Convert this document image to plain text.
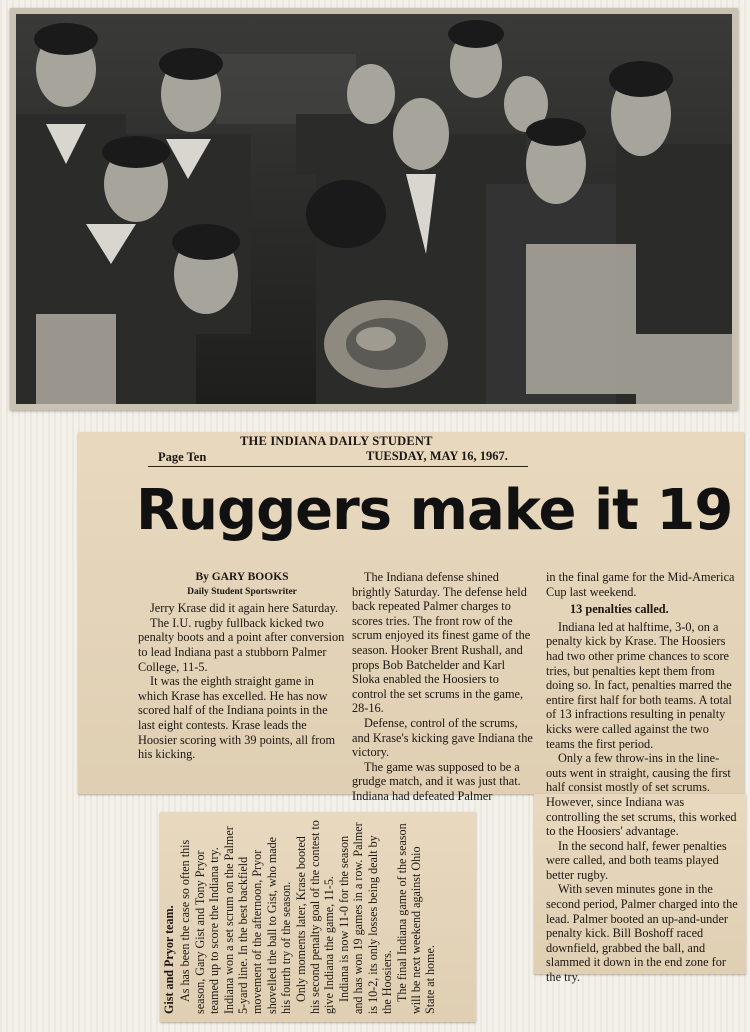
THE INDIANA DAILY STUDENT
Page Ten	TUESDAY, MAY 16, 1967.
Ruggers make it 19

By GARY BOOKS

Daily Student Sportswriter

Jerry Krase did it again here Saturday.

The I.U. rugby fullback kicked two penalty boots and a point after conversion to lead Indiana past a stubborn Palmer College, 11-5.

It was the eighth straight game in which Krase has excelled. He has now scored half of the Indiana points in the last eight contests. Krase leads the Hoosier scoring with 39 points, all from his kicking.

The Indiana defense shined brightly Saturday. The defense held back repeated Palmer charges to scores tries. The front row of the scrum enjoyed its finest game of the season. Hooker Brent Rushall, and props Bob Batchelder and Karl Sloka enabled the Hoosiers to control the set scrums in the game, 28-16.

Defense, control of the scrums, and Krase's kicking gave Indiana the victory.

The game was supposed to be a grudge match, and it was just that. Indiana had defeated Palmer

in the final game for the Mid-America Cup last weekend.

13 penalties called.

Indiana led at halftime, 3-0, on a penalty kick by Krase. The Hoosiers had two other prime chances to score tries, but penalties kept them from doing so. In fact, penalties marred the entire first half for both teams. A total of 13 infractions resulting in penalty kicks were called against the two teams the first period.

Only a few throw-ins in the line-outs went in straight, causing the first half consist mostly of set scrums. However, since Indiana was controlling the set scrums, this worked to the Hoosiers' advantage.

In the second half, fewer penalties were called, and both teams played better rugby.

With seven minutes gone in the second period, Palmer charged into the lead. Palmer booted an up-and-under penalty kick. Bill Boshoff raced downfield, grabbed the ball, and slammed it down in the end zone for the try.

Gist and Pryor team. As has been the case so often this season, Gary Gist and Tony Pryor teamed up to score the Indiana try. Indiana won a set scrum on the Palmer 5-yard line. In the best backfield movement of the afternoon, Pryor shovelled the ball to Gist, who made his fourth try of the season. Only moments later, Krase booted his second penalty goal of the contest to give Indiana the game, 11-5. Indiana is now 11-0 for the season and has won 19 games in a row. Palmer is 10-2, its only losses being dealt by the Hoosiers. The final Indiana game of the season will be next weekend against Ohio State at home.
